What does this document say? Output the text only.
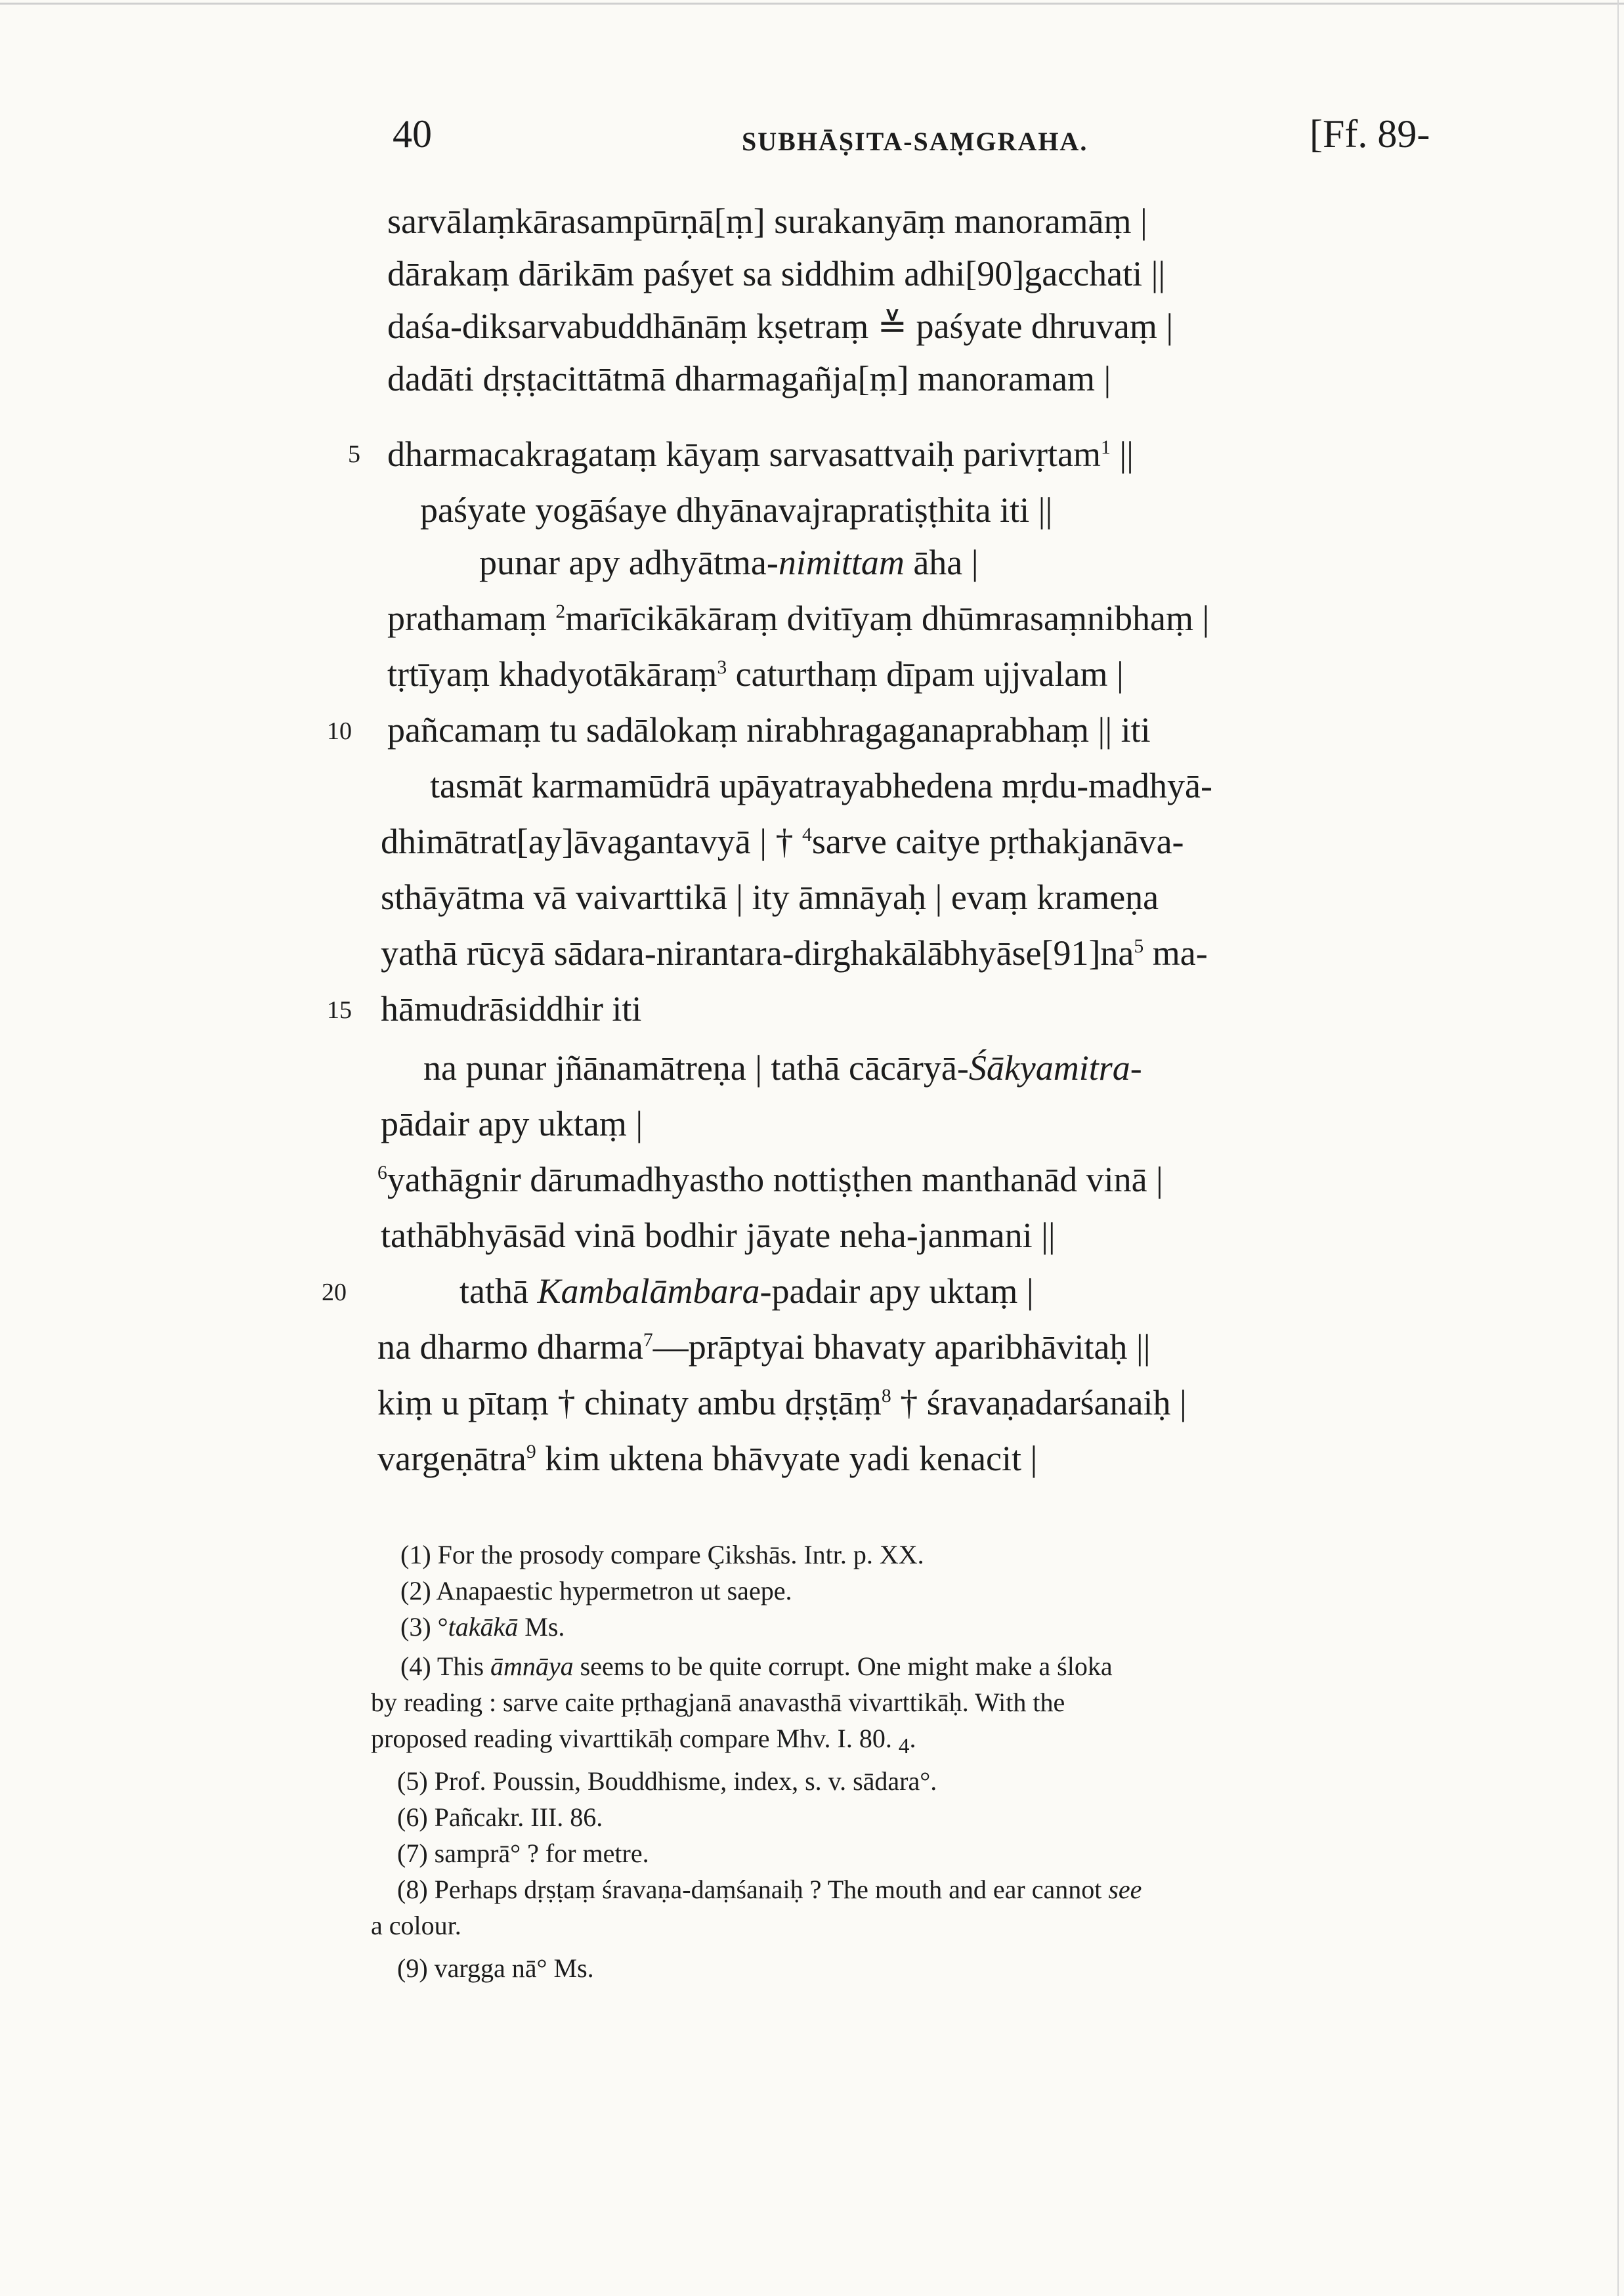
40	SUBHĀṢITA-SAṂGRAHA.	[Ff. 89-
sarvālaṃkārasampūrṇā[ṃ] surakanyāṃ manoramāṃ |
dārakaṃ dārikām paśyet sa siddhim adhi[90]gacchati ||
daśa-diksarvabuddhānāṃ kṣetraṃ ≚ paśyate dhruvaṃ |
dadāti dṛṣṭacittātmā dharmagañja[ṃ] manoramam |
5 dharmacakragataṃ kāyaṃ sarvasattvaiḥ parivṛtam$^1$ ||
paśyate yogāśaye dhyānavajrapratiṣṭhita iti ||
punar apy adhyātma-nimittam āha |
prathamaṃ $^2$marīcikākāraṃ dvitīyaṃ dhūmrasaṃnibhaṃ |
tṛtīyaṃ khadyotākāraṃ$^3$ caturthaṃ dīpam ujjvalam |
10 pañcamaṃ tu sadālokaṃ nirabhragaganaprabhaṃ || iti
tasmāt karmamūdrā upāyatrayabhedena mṛdu-madhyā-
dhimātrat[ay]āvagantavyā | † $^4$sarve caitye pṛthakjanāva-
sthāyātma vā vaivarttikā | ity āmnāyaḥ | evaṃ krameṇa
yathā rūcyā sādara-$nirantara-dirghakālābhyāse[91]na^5$ ma-
15 hāmudrāsiddhir iti
na punar jñānamātreṇa | tathā cācāryā-Śākyamitra-
pādair apy uktaṃ |
$^6$yathāgnir dārumadhyastho nottiṣṭhen manthanād vinā |
tathābhyāsād vinā bodhir jāyate neha-janmani ||
20	tathā Kambalāmbara-padair apy uktaṃ |
na dharmo dharma$^7$—prāptyai bhavaty aparibhāvitaḥ ||
kiṃ u pītaṃ † chinaty ambu dṛṣṭāṃ$^8$ † śravaṇadarśanaiḥ |
vargeṇātra$^9$ kim uktena bhāvyate yadi kenacit |
(1) For the prosody compare Çikshās. Intr. p. XX.
(2) Anapaestic hypermetron ut saepe.
(3) °takākā Ms.
(4) This āmnāya seems to be quite corrupt. One might make a śloka
by reading : sarve caite pṛthagjanā anavasthā vivarttikāḥ. With the
proposed reading vivarttikāḥ compare Mhv. I. 80. $_4$.
(5) Prof. Poussin, Bouddhisme, index, s. v. sādara°.
(6) Pañcakr. III. 86.
(7) samprā° ? for metre.
(8) Perhaps dṛṣṭaṃ śravaṇa-daṃśanaiḥ ? The mouth and ear cannot see
a colour.
(9) vargga nā° Ms.
